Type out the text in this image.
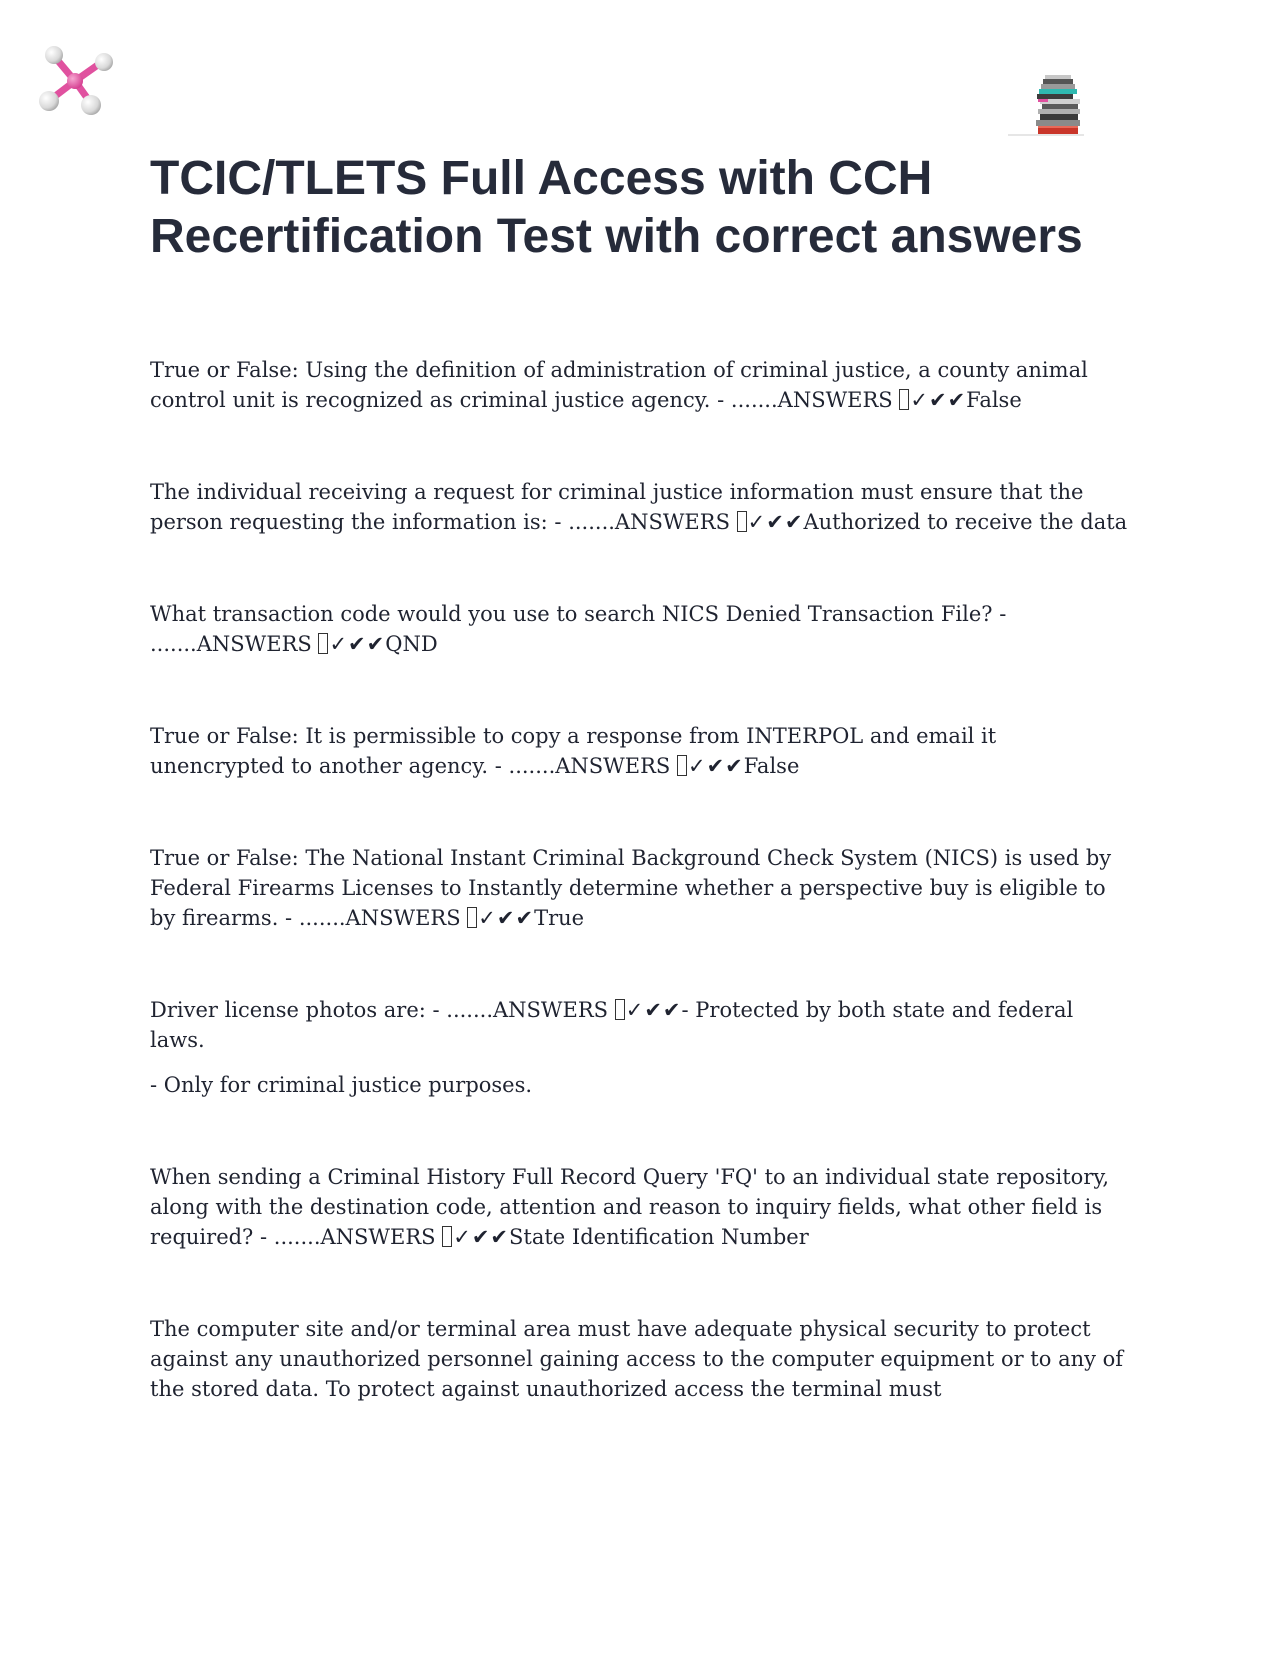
TCIC/TLETS Full Access with CCH Recertification Test with correct answers

True or False: Using the definition of administration of criminal justice, a county animal control unit is recognized as criminal justice agency. - .......ANSWERS ✓✔✔False

The individual receiving a request for criminal justice information must ensure that the person requesting the information is: - .......ANSWERS ✓✔✔Authorized to receive the data

What transaction code would you use to search NICS Denied Transaction File? - .......ANSWERS ✓✔✔QND

True or False: It is permissible to copy a response from INTERPOL and email it unencrypted to another agency. - .......ANSWERS ✓✔✔False

True or False: The National Instant Criminal Background Check System (NICS) is used by Federal Firearms Licenses to Instantly determine whether a perspective buy is eligible to by firearms. - .......ANSWERS ✓✔✔True

Driver license photos are: - .......ANSWERS ✓✔✔- Protected by both state and federal laws.

- Only for criminal justice purposes.

When sending a Criminal History Full Record Query 'FQ' to an individual state repository, along with the destination code, attention and reason to inquiry fields, what other field is required? - .......ANSWERS ✓✔✔State Identification Number

The computer site and/or terminal area must have adequate physical security to protect against any unauthorized personnel gaining access to the computer equipment or to any of the stored data. To protect against unauthorized access the terminal must
